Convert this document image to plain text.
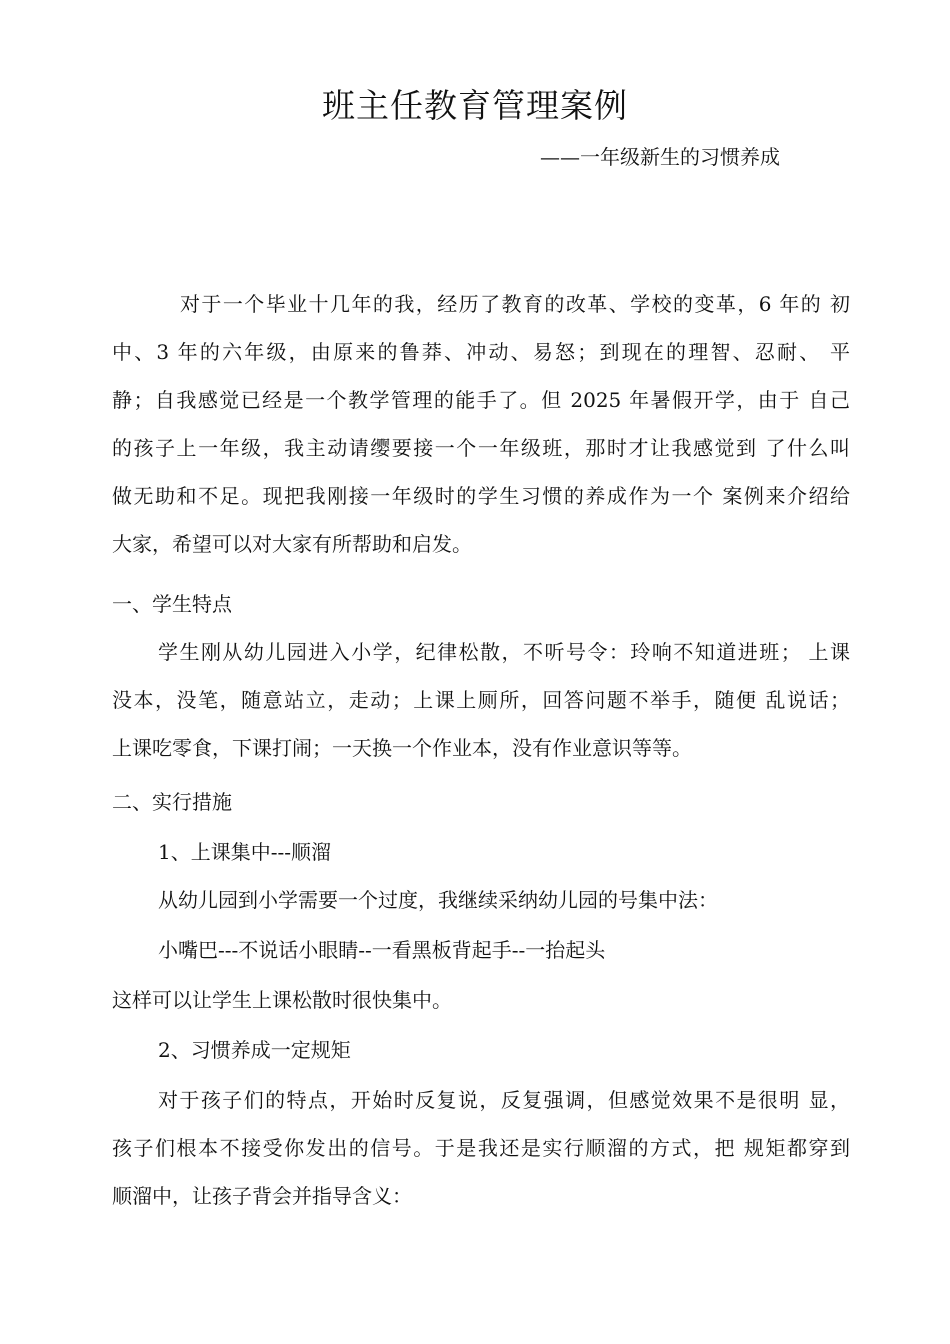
班主任教育管理案例
——一年级新生的习惯养成
对于一个毕业十几年的我，经历了教育的改革、学校的变革，6 年的 初
中、3 年的六年级，由原来的鲁莽、冲动、易怒；到现在的理智、忍耐、 平
静；自我感觉已经是一个教学管理的能手了。但 2025 年暑假开学，由于 自己
的孩子上一年级，我主动请缨要接一个一年级班，那时才让我感觉到 了什么叫
做无助和不足。现把我刚接一年级时的学生习惯的养成作为一个 案例来介绍给
大家，希望可以对大家有所帮助和启发。
一、学生特点
学生刚从幼儿园进入小学，纪律松散，不听号令：玲响不知道进班； 上课
没本，没笔，随意站立，走动；上课上厕所，回答问题不举手，随便 乱说话；
上课吃零食，下课打闹；一天换一个作业本，没有作业意识等等。
二、实行措施
1、上课集中---顺溜
从幼儿园到小学需要一个过度，我继续采纳幼儿园的号集中法：
小嘴巴---不说话小眼睛--一看黑板背起手--一抬起头
这样可以让学生上课松散时很快集中。
2、习惯养成一定规矩
对于孩子们的特点，开始时反复说，反复强调，但感觉效果不是很明 显，
孩子们根本不接受你发出的信号。于是我还是实行顺溜的方式，把 规矩都穿到
顺溜中，让孩子背会并指导含义：
